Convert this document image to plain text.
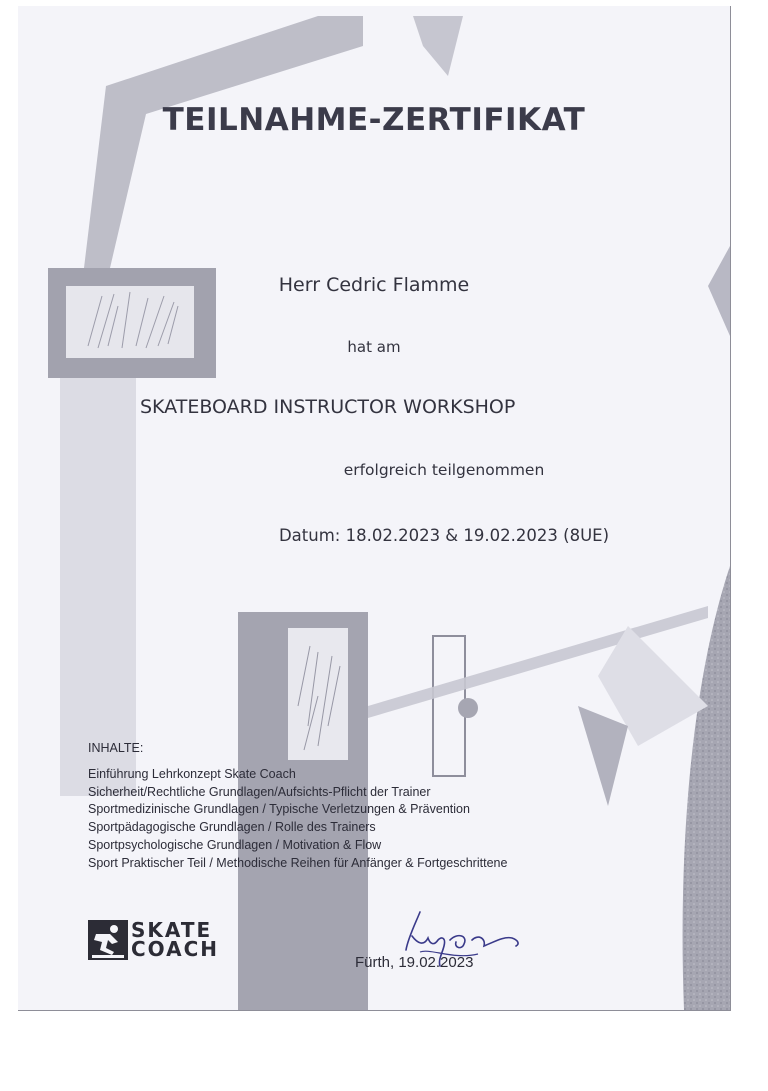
TEILNAHME-ZERTIFIKAT
Herr Cedric Flamme
hat am
SKATEBOARD INSTRUCTOR WORKSHOP
erfolgreich teilgenommen
Datum: 18.02.2023 & 19.02.2023 (8UE)
INHALTE:
Einführung Lehrkonzept Skate Coach
Sicherheit/Rechtliche Grundlagen/Aufsichts-Pflicht der Trainer
Sportmedizinische Grundlagen / Typische Verletzungen & Prävention
Sportpädagogische Grundlagen / Rolle des Trainers
Sportpsychologische Grundlagen / Motivation & Flow
Sport Praktischer Teil / Methodische Reihen für Anfänger & Fortgeschrittene
SKATE
COACH
Fürth, 19.02.2023
